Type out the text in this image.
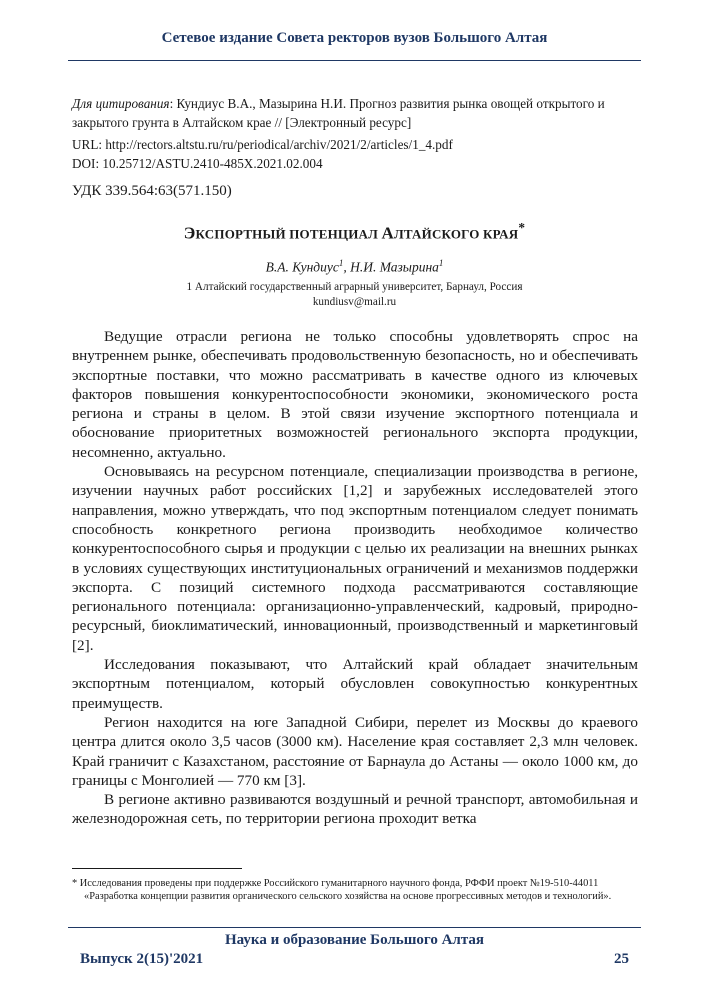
Сетевое издание Совета ректоров вузов Большого Алтая
Для цитирования: Кундиус В.А., Мазырина Н.И. Прогноз развития рынка овощей открытого и закрытого грунта в Алтайском крае // [Электронный ресурс]
URL: http://rectors.altstu.ru/ru/periodical/archiv/2021/2/articles/1_4.pdf
DOI: 10.25712/ASTU.2410-485X.2021.02.004
УДК 339.564:63(571.150)
ЭКСПОРТНЫЙ ПОТЕНЦИАЛ АЛТАЙСКОГО КРАЯ*
В.А. Кундиус$^1$, Н.И. Мазырина$^1$
1 Алтайский государственный аграрный университет, Барнаул, Россия
kundiusv@mail.ru

Ведущие отрасли региона не только способны удовлетворять спрос на внутреннем рынке, обеспечивать продовольственную безопасность, но и обеспечивать экспортные поставки, что можно рассматривать в качестве одного из ключевых факторов повышения конкурентоспособности экономики, экономического роста региона и страны в целом. В этой связи изучение экспортного потенциала и обоснование приоритетных возможностей регионального экспорта продукции, несомненно, актуально.

Основываясь на ресурсном потенциале, специализации производства в регионе, изучении научных работ российских [1,2] и зарубежных исследователей этого направления, можно утверждать, что под экспортным потенциалом следует понимать способность конкретного региона производить необходимое количество конкурентоспособного сырья и продукции с целью их реализации на внешних рынках в условиях существующих институциональных ограничений и механизмов поддержки экспорта. С позиций системного подхода рассматриваются составляющие регионального потенциала: организационно-управленческий, кадровый, природно-ресурсный, биоклиматический, инновационный, производственный и маркетинговый [2].

Исследования показывают, что Алтайский край обладает значительным экспортным потенциалом, который обусловлен совокупностью конкурентных преимуществ.

Регион находится на юге Западной Сибири, перелет из Москвы до краевого центра длится около 3,5 часов (3000 км). Население края составляет 2,3 млн человек. Край граничит с Казахстаном, расстояние от Барнаула до Астаны — около 1000 км, до границы с Монголией — 770 км [3].

В регионе активно развиваются воздушный и речной транспорт, автомобильная и железнодорожная сеть, по территории региона проходит ветка

* Исследования проведены при поддержке Российского гуманитарного научного фонда, РФФИ проект №19-510-44011 «Разработка концепции развития органического сельского хозяйства на основе прогрессивных методов и технологий».
Наука и образование Большого Алтая
Выпуск 2(15)'2021	25
